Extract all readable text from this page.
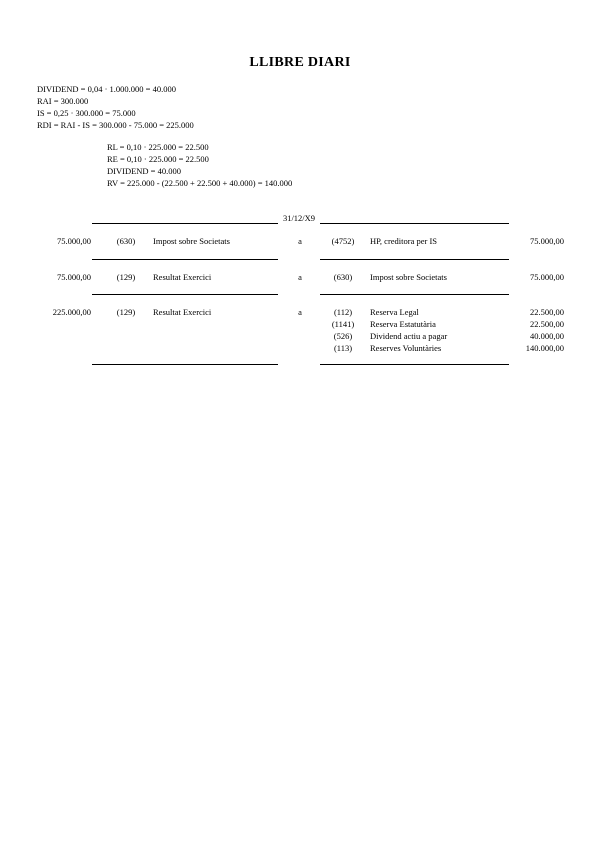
LLIBRE DIARI
DIVIDEND = 0,04 · 1.000.000 = 40.000
RAI = 300.000
IS = 0,25 · 300.000 = 75.000
RDI = RAI - IS = 300.000 - 75.000 = 225.000
RL = 0,10 · 225.000 = 22.500
RE = 0,10 · 225.000 = 22.500
DIVIDEND = 40.000
RV = 225.000 - (22.500 + 22.500 + 40.000) = 140.000
31/12/X9
75.000,00	(630)	Impost sobre Societats	a	(4752)	HP, creditora per IS	75.000,00
75.000,00	(129)	Resultat Exercici	a	(630)	Impost sobre Societats	75.000,00
225.000,00	(129)	Resultat Exercici	a	(112)	Reserva Legal	22.500,00
(1141)	Reserva Estatutària	22.500,00
(526)	Dividend actiu a pagar	40.000,00
(113)	Reserves Voluntàries	140.000,00
